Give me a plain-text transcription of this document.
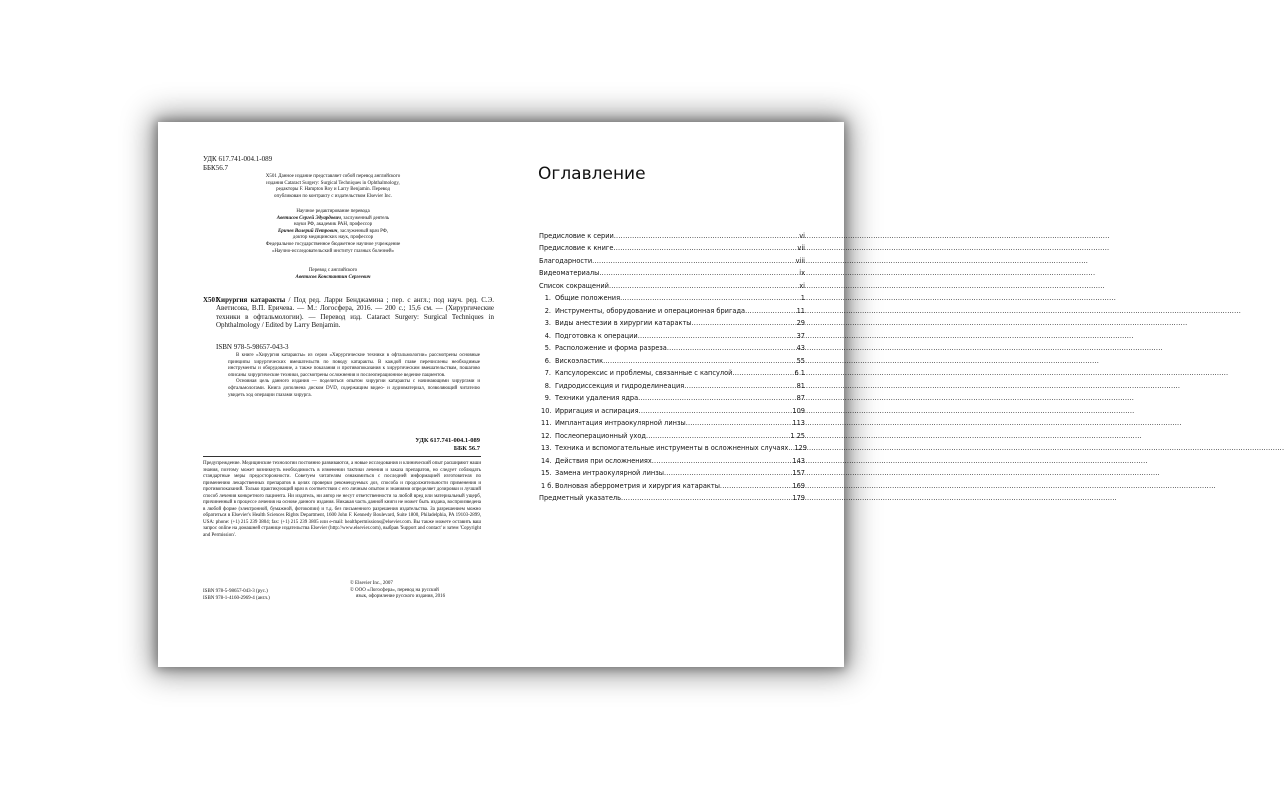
УДК 617.741-004.1-089
ББК56.7
Х501 Данное издание представляет собой перевод английского
издания Cataract Surgery: Surgical Techniques in Ophthalmology,
редакторы F. Hampton Roy и Larry Benjamin. Перевод
опубликован по контракту с издательством Elsevier Inc.
Научное редактирование перевода
Аветисов Сергей Эдуардович, заслуженный деятель
науки РФ, академик РАН, профессор
Еричев Валерий Петрович, заслуженный врач РФ,
доктор медицинских наук, профессор
Федеральное государственное бюджетное научное учреждение
«Научно-исследовательский институт глазных болезней»
Перевод с английского
Аветисов Константин Сергеевич
Х501
Хирургия катаракты / Под ред. Ларри Бенджамина ; пер. с англ.; под науч. ред. С.Э. Аветисова, В.П. Еричева. — М.: Логосфера, 2016. — 200 с.; 15,6 см. — (Хирургические техники в офтальмологии). — Перевод изд. Cataract Surgery: Surgical Techniques in Ophthalmology / Edited by Larry Benjamin.
ISBN 978-5-98657-043-3

В книге «Хирургия катаракты» из серии «Хирургические техники в офтальмологии» рассмотрены основные принципы хирургических вмешательств по поводу катаракты. В каждой главе перечислены необходимые инструменты и оборудование, а также показания и противопоказания к хирургическим вмешательствам, пошагово описаны хирургические техники, рассмотрены осложнения и послеоперационное ведение пациентов.

Основная цель данного издания — поделиться опытом хирургии катаракты с начинающими хирургами и офтальмологами. Книга дополнена диском DVD, содержащим видео- и аудиоматериал, позволяющий читателю увидеть ход операции глазами хирурга.

УДК 617.741-004.1-089
ББК 56.7

Предупреждение. Медицинские технологии постоянно развиваются, а новые исследования и клинический опыт расширяют наши знания, поэтому может возникнуть необходимость в изменении тактики лечения и заказа препаратов, но следует соблюдать стандартные меры предосторожности. Советуем читателям ознакомиться с последней информацией изготовителя по применению лекарственных препаратов в целях проверки рекомендуемых доз, способа и продолжительности применения и противопоказаний. Только практикующий врач в соответствии с его личным опытом и знаниями определяет дозировки и лучший способ лечения конкретного пациента. Ни издатель, ни автор не несут ответственности за любой вред или материальный ущерб, причиненный в процессе лечения на основе данного издания. Никакая часть данной книги не может быть издана, воспроизведена в любой форме (электронной, бумажной, фотокопии) и т.д. без письменного разрешения издательства. За разрешением можно обратиться в Elsevier's Health Sciences Rights Department, 1600 John F. Kennedy Boulevard, Suite 1800, Philadelphia, PA 19103-2899, USA: phone: (+1) 215 239 3804; fax: (+1) 215 239 3805 или e-mail: healthpermissions@elsevier.com. Вы также можете оставить ваш запрос online на домашней странице издательства Elsevier (http://www.elsevier.com), выбрав 'Support and contact' и затем 'Copyright and Permission'.

ISBN 978-5-98657-043-3 (рус.)
ISBN 978-1-4160-2969-4 (англ.)
© Elsevier Inc., 2007
© ООО «Логосфера», перевод на русский
язык, оформление русского издания, 2016
Оглавление
Предисловие к серии .....	vi
Предисловие к книге .....	vii
Благодарности .....	viii
Видеоматериалы .....	ix
Список сокращений .....	xi
1. Общие положения .....	1
2. Инструменты, оборудование и операционная бригада .....	11
3. Виды анестезии в хирургии катаракты .....	29
4. Подготовка к операции .....	37
5. Расположение и форма разреза .....	43
6. Вискоэластик .....	55
7. Капсулорексис и проблемы, связанные с капсулой .....	6 1
8. Гидродиссекция и гидроделинеация .....	81
9. Техники удаления ядра .....	87
10. Ирригация и аспирация .....	109
11. Имплантация интраокулярной линзы .....	113
12. Послеоперационный уход .....	1 25
13. Техника и вспомогательные инструменты в осложненных случаях ..... 129
14. Действия при осложнениях .....	143
15. Замена интраокулярной линзы .....	157
1 б. Волновая аберрометрия и хирургия катаракты .....	169
Предметный указатель .....	179
